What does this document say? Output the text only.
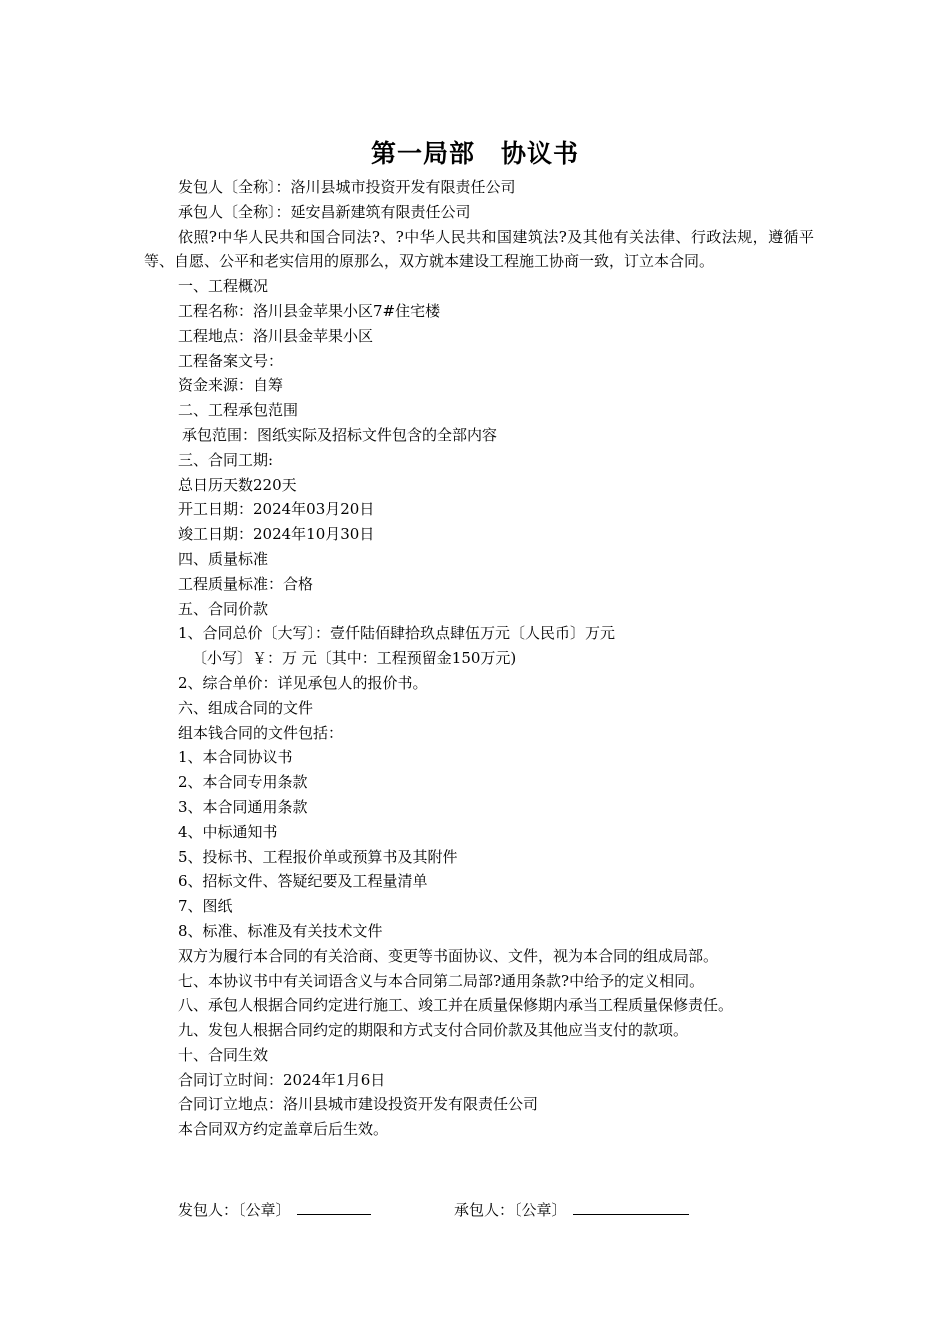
第一局部　协议书
发包人〔全称〕：洛川县城市投资开发有限责任公司
承包人〔全称〕：延安昌新建筑有限责任公司
依照?中华人民共和国合同法?、?中华人民共和国建筑法?及其他有关法律、行政法规，遵循平等、自愿、公平和老实信用的原那么，双方就本建设工程施工协商一致，订立本合同。
一、工程概况
工程名称：洛川县金苹果小区7#住宅楼
工程地点：洛川县金苹果小区
工程备案文号：
资金来源：自筹
二、工程承包范围
承包范围：图纸实际及招标文件包含的全部内容
三、合同工期:
总日历天数220天
开工日期：2024年03月20日
竣工日期：2024年10月30日
四、质量标准
工程质量标准：合格
五、合同价款
1、合同总价〔大写〕：壹仟陆佰肆拾玖点肆伍万元〔人民币〕万元
〔小写〕￥：万 元〔其中：工程预留金150万元)
2、综合单价：详见承包人的报价书。
六、组成合同的文件
组本钱合同的文件包括：
1、本合同协议书
2、本合同专用条款
3、本合同通用条款
4、中标通知书
5、投标书、工程报价单或预算书及其附件
6、招标文件、答疑纪要及工程量清单
7、图纸
8、标准、标准及有关技术文件
双方为履行本合同的有关洽商、变更等书面协议、文件，视为本合同的组成局部。
七、本协议书中有关词语含义与本合同第二局部?通用条款?中给予的定义相同。
八、承包人根据合同约定进行施工、竣工并在质量保修期内承当工程质量保修责任。
九、发包人根据合同约定的期限和方式支付合同价款及其他应当支付的款项。
十、合同生效
合同订立时间：2024年1月6日
合同订立地点：洛川县城市建设投资开发有限责任公司
本合同双方约定盖章后后生效。
发包人：〔公章〕	承包人：〔公章〕
